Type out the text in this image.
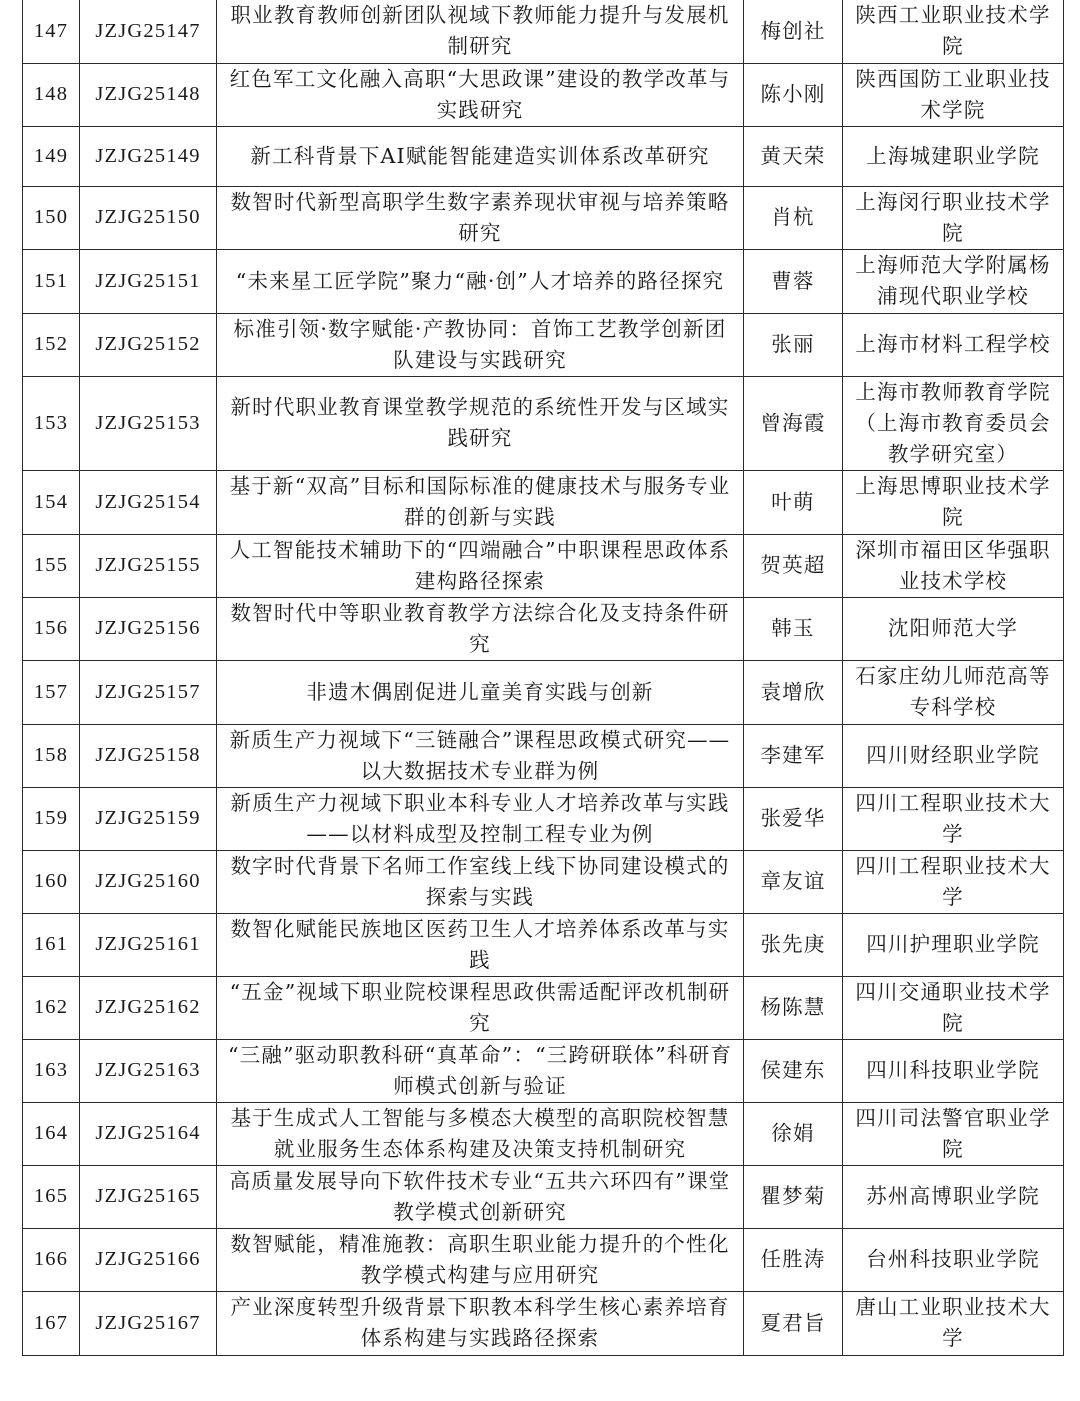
147	JZJG25147	职业教育教师创新团队视域下教师能力提升与发展机制研究	梅创社	陕西工业职业技术学院
148	JZJG25148	红色军工文化融入高职“大思政课”建设的教学改革与实践研究	陈小刚	陕西国防工业职业技术学院
149	JZJG25149	新工科背景下AI赋能智能建造实训体系改革研究	黄天荣	上海城建职业学院
150	JZJG25150	数智时代新型高职学生数字素养现状审视与培养策略研究	肖杭	上海闵行职业技术学院
151	JZJG25151	“未来星工匠学院”聚力“融·创”人才培养的路径探究	曹蓉	上海师范大学附属杨浦现代职业学校
152	JZJG25152	标准引领·数字赋能·产教协同：首饰工艺教学创新团队建设与实践研究	张丽	上海市材料工程学校
153	JZJG25153	新时代职业教育课堂教学规范的系统性开发与区域实践研究	曾海霞	上海市教师教育学院（上海市教育委员会教学研究室）
154	JZJG25154	基于新“双高”目标和国际标准的健康技术与服务专业群的创新与实践	叶萌	上海思博职业技术学院
155	JZJG25155	人工智能技术辅助下的“四端融合”中职课程思政体系建构路径探索	贺英超	深圳市福田区华强职业技术学校
156	JZJG25156	数智时代中等职业教育教学方法综合化及支持条件研究	韩玉	沈阳师范大学
157	JZJG25157	非遗木偶剧促进儿童美育实践与创新	袁增欣	石家庄幼儿师范高等专科学校
158	JZJG25158	新质生产力视域下“三链融合”课程思政模式研究——以大数据技术专业群为例	李建军	四川财经职业学院
159	JZJG25159	新质生产力视域下职业本科专业人才培养改革与实践——以材料成型及控制工程专业为例	张爱华	四川工程职业技术大学
160	JZJG25160	数字时代背景下名师工作室线上线下协同建设模式的探索与实践	章友谊	四川工程职业技术大学
161	JZJG25161	数智化赋能民族地区医药卫生人才培养体系改革与实践	张先庚	四川护理职业学院
162	JZJG25162	“五金”视域下职业院校课程思政供需适配评改机制研究	杨陈慧	四川交通职业技术学院
163	JZJG25163	“三融”驱动职教科研“真革命”：“三跨研联体”科研育师模式创新与验证	侯建东	四川科技职业学院
164	JZJG25164	基于生成式人工智能与多模态大模型的高职院校智慧就业服务生态体系构建及决策支持机制研究	徐娟	四川司法警官职业学院
165	JZJG25165	高质量发展导向下软件技术专业“五共六环四有”课堂教学模式创新研究	瞿梦菊	苏州高博职业学院
166	JZJG25166	数智赋能，精准施教：高职生职业能力提升的个性化教学模式构建与应用研究	任胜涛	台州科技职业学院
167	JZJG25167	产业深度转型升级背景下职教本科学生核心素养培育体系构建与实践路径探索	夏君旨	唐山工业职业技术大学
